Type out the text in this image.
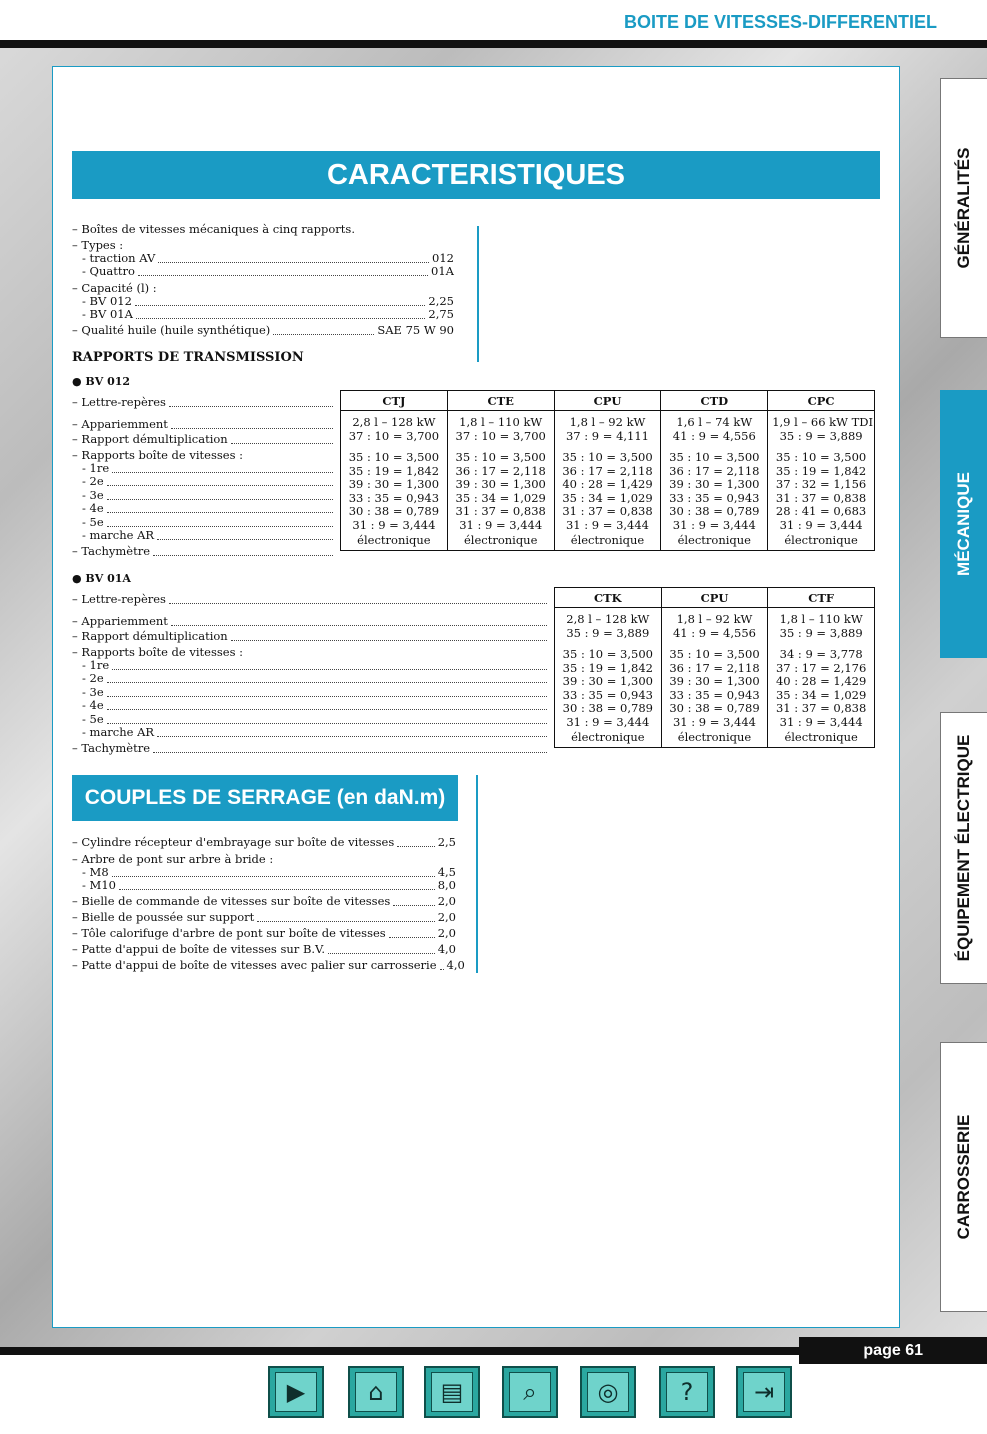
BOITE DE VITESSES-DIFFERENTIEL
CARACTERISTIQUES
– Boîtes de vitesses mécaniques à cinq rapports.
– Types :
- traction AV	012
- Quattro	01A
– Capacité (l) :
- BV 012	2,25
- BV 01A	2,75
– Qualité huile (huile synthétique)	SAE 75 W 90
RAPPORTS DE TRANSMISSION
● BV 012
– Lettre-repères
– Appariemment
– Rapport démultiplication
– Rapports boîte de vitesses :
- 1re
- 2e
- 3e
- 4e
- 5e
- marche AR
– Tachymètre
CTJ	CTE	CPU	CTD	CPC
2,8 l – 128 kW	1,8 l – 110 kW	1,8 l – 92 kW	1,6 l – 74 kW	1,9 l – 66 kW TDI
37 : 10 = 3,700	37 : 10 = 3,700	37 : 9 = 4,111	41 : 9 = 4,556	35 : 9 = 3,889
35 : 10 = 3,500	35 : 10 = 3,500	35 : 10 = 3,500	35 : 10 = 3,500	35 : 10 = 3,500
35 : 19 = 1,842	36 : 17 = 2,118	36 : 17 = 2,118	36 : 17 = 2,118	35 : 19 = 1,842
39 : 30 = 1,300	39 : 30 = 1,300	40 : 28 = 1,429	39 : 30 = 1,300	37 : 32 = 1,156
33 : 35 = 0,943	35 : 34 = 1,029	35 : 34 = 1,029	33 : 35 = 0,943	31 : 37 = 0,838
30 : 38 = 0,789	31 : 37 = 0,838	31 : 37 = 0,838	30 : 38 = 0,789	28 : 41 = 0,683
31 : 9 = 3,444	31 : 9 = 3,444	31 : 9 = 3,444	31 : 9 = 3,444	31 : 9 = 3,444
électronique	électronique	électronique	électronique	électronique
● BV 01A
– Lettre-repères
– Appariemment
– Rapport démultiplication
– Rapports boîte de vitesses :
- 1re
- 2e
- 3e
- 4e
- 5e
- marche AR
– Tachymètre
CTK	CPU	CTF
2,8 l – 128 kW	1,8 l – 92 kW	1,8 l – 110 kW
35 : 9 = 3,889	41 : 9 = 4,556	35 : 9 = 3,889
35 : 10 = 3,500	35 : 10 = 3,500	34 : 9 = 3,778
35 : 19 = 1,842	36 : 17 = 2,118	37 : 17 = 2,176
39 : 30 = 1,300	39 : 30 = 1,300	40 : 28 = 1,429
33 : 35 = 0,943	33 : 35 = 0,943	35 : 34 = 1,029
30 : 38 = 0,789	30 : 38 = 0,789	31 : 37 = 0,838
31 : 9 = 3,444	31 : 9 = 3,444	31 : 9 = 3,444
électronique	électronique	électronique
COUPLES DE SERRAGE (en daN.m)
– Cylindre récepteur d'embrayage sur boîte de vitesses	2,5
– Arbre de pont sur arbre à bride :
- M8	4,5
- M10	8,0
– Bielle de commande de vitesses sur boîte de vitesses	2,0
– Bielle de poussée sur support	2,0
– Tôle calorifuge d'arbre de pont sur boîte de vitesses	2,0
– Patte d'appui de boîte de vitesses sur B.V.	4,0
– Patte d'appui de boîte de vitesses avec palier sur carrosserie 4,0
GÉNÉRALITÉS
MÉCANIQUE
ÉQUIPEMENT ÉLECTRIQUE
CARROSSERIE
page 61
▶	⌂	▤	⌕	◎	?	⇥
